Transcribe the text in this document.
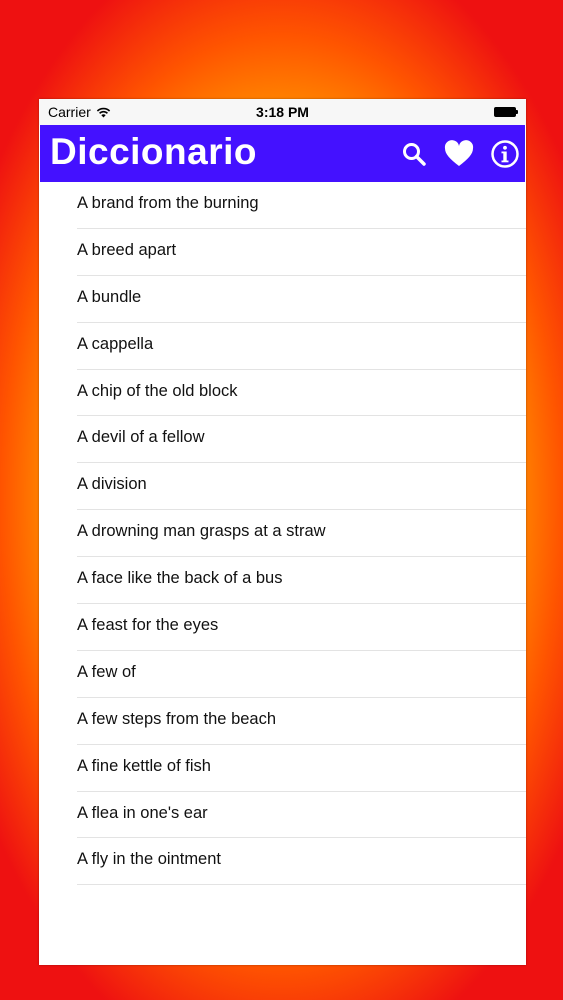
Carrier	3:18 PM
Diccionario
A brand from the burning
A breed apart
A bundle
A cappella
A chip of the old block
A devil of a fellow
A division
A drowning man grasps at a straw
A face like the back of a bus
A feast for the eyes
A few of
A few steps from the beach
A fine kettle of fish
A flea in one's ear
A fly in the ointment
